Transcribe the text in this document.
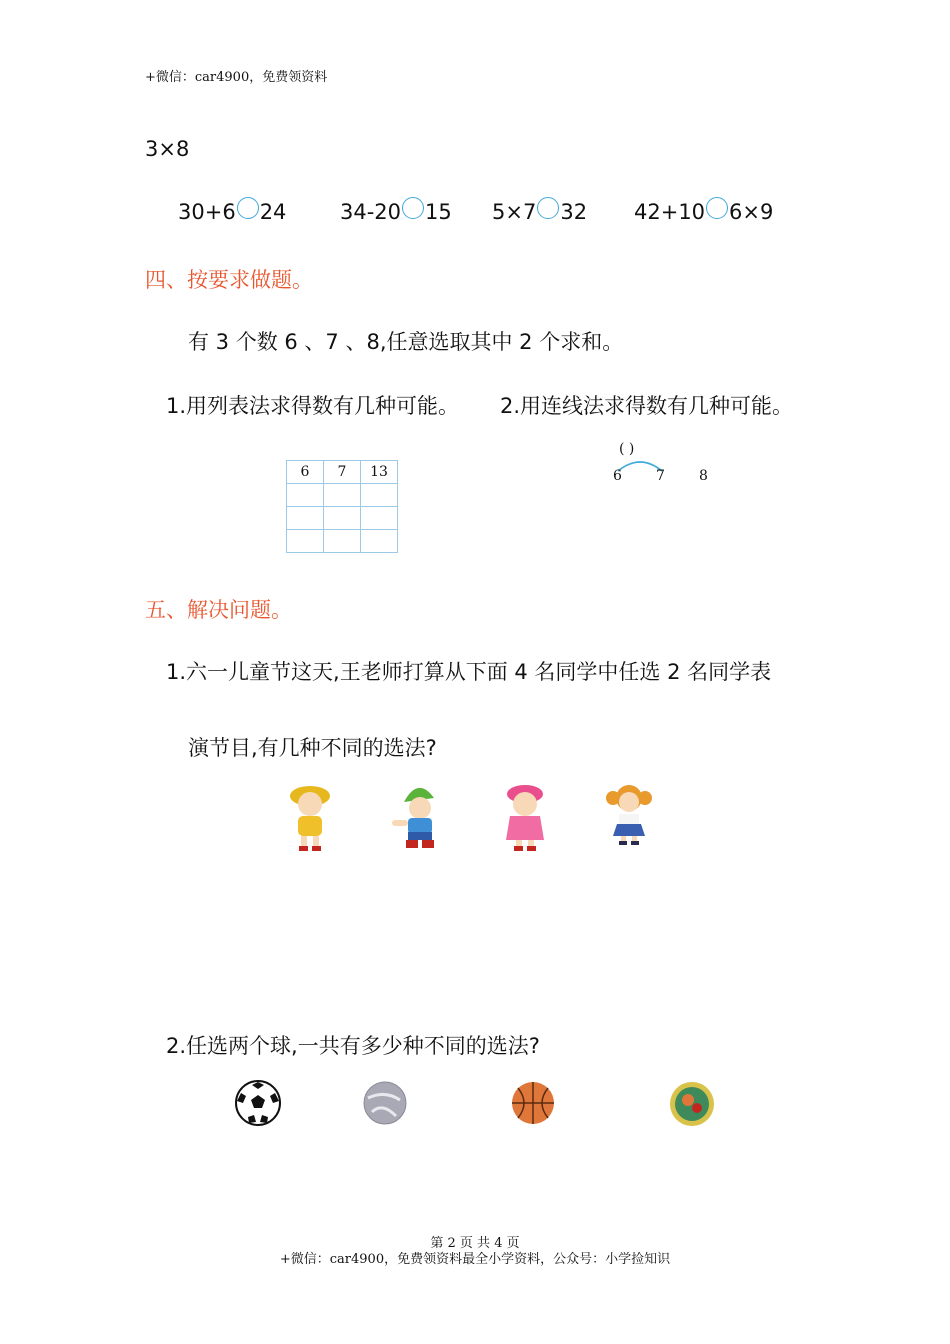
+微信：car4900，免费领资料
3×8
30+6 24	34-20 15 5×7 32 42+10 6×9
四、按要求做题。
有 3 个数 6 、7 、8,任意选取其中 2 个求和。
1.用列表法求得数有几种可能。 2.用连线法求得数有几种可能。
6	7	13

( )
6 7 8
五、解决问题。
1.六一儿童节这天,王老师打算从下面 4 名同学中任选 2 名同学表
演节目,有几种不同的选法?
2.任选两个球,一共有多少种不同的选法?
第 2 页 共 4 页
+微信：car4900，免费领资料最全小学资料，公众号：小学捡知识
